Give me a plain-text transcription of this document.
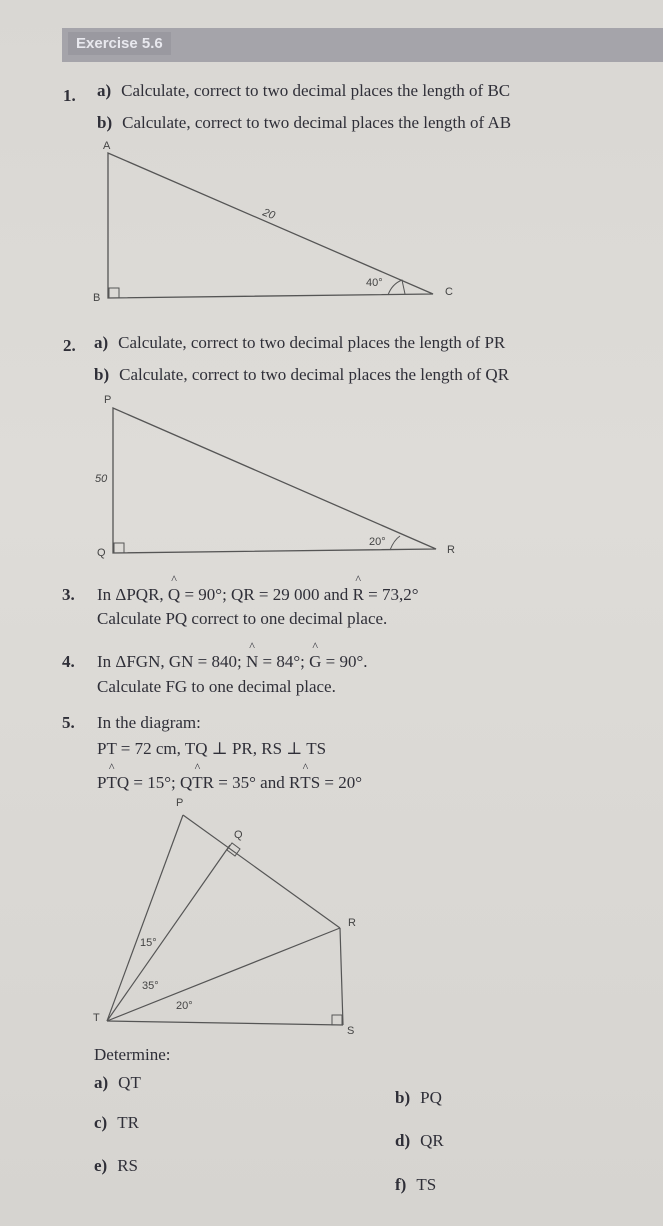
Exercise 5.6
1. a) Calculate, correct to two decimal places the length of BC
b) Calculate, correct to two decimal places the length of AB
A
B	C
20
40°
P
Q	R
50
20°
P
Q
R
S
T
15°
35°
20°
2. a) Calculate, correct to two decimal places the length of PR
b) Calculate, correct to two decimal places the length of QR
3. In ΔPQR, ^ Q = 90°; QR = 29 000 and ^ R = 73,2°
Calculate PQ correct to one decimal place.
4. In ΔFGN, GN = 840; ^ N = 84°; ^ G = 90°.
Calculate FG to one decimal place.
5. In the diagram:
PT = 72 cm, TQ ⊥ PR, RS ⊥ TS
P^ TQ = 15°; Q^ TR = 35° and R^ TS = 20°
Determine:
a) QT
b) PQ
c) TR
d) QR
e) RS
f) TS
